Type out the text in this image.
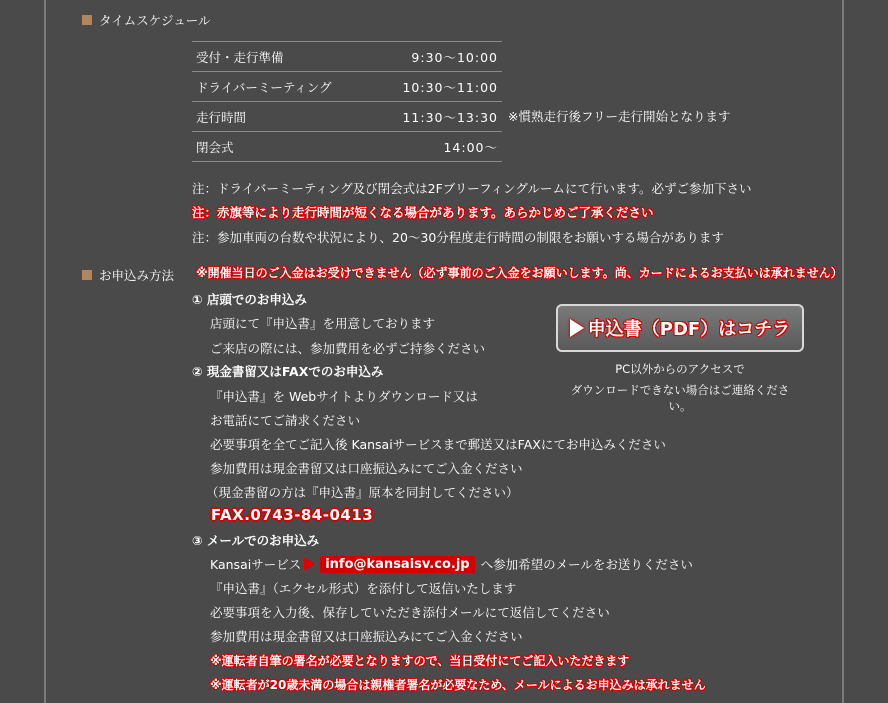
タイムスケジュール
受付・走行準備	9:30〜10:00
ドライバーミーティング	10:30〜11:00
走行時間	11:30〜13:30
閉会式	14:00〜
※慣熟走行後フリー走行開始となります
注：ドライバーミーティング及び閉会式は2Fブリーフィングルームにて行います。必ずご参加下さい
注：赤旗等により走行時間が短くなる場合があります。あらかじめご了承ください
注：参加車両の台数や状況により、20〜30分程度走行時間の制限をお願いする場合があります
お申込み方法 ※開催当日のご入金はお受けできません（必ず事前のご入金をお願いします。尚、カードによるお支払いは承れません）
① 店頭でのお申込み
店頭にて『申込書』を用意しております
ご来店の際には、参加費用を必ずご持参ください
② 現金書留又はFAXでのお申込み
『申込書』を Webサイトよりダウンロード又は
お電話にてご請求ください
必要事項を全てご記入後 Kansaiサービスまで郵送又はFAXにてお申込みください
参加費用は現金書留又は口座振込みにてご入金ください
（現金書留の方は『申込書』原本を同封してください）
FAX.0743-84-0413
③ メールでのお申込み
Kansaiサービス	info@kansaisv.co.jp へ参加希望のメールをお送りください
『申込書』（エクセル形式）を添付して返信いたします
必要事項を入力後、保存していただき添付メールにて返信してください
参加費用は現金書留又は口座振込みにてご入金ください
※運転者自筆の署名が必要となりますので、当日受付にてご記入いただきます
※運転者が20歳未満の場合は親権者署名が必要なため、メールによるお申込みは承れません
申込書（PDF）はコチラ
PC以外からのアクセスで
ダウンロードできない場合はご連絡ください。
